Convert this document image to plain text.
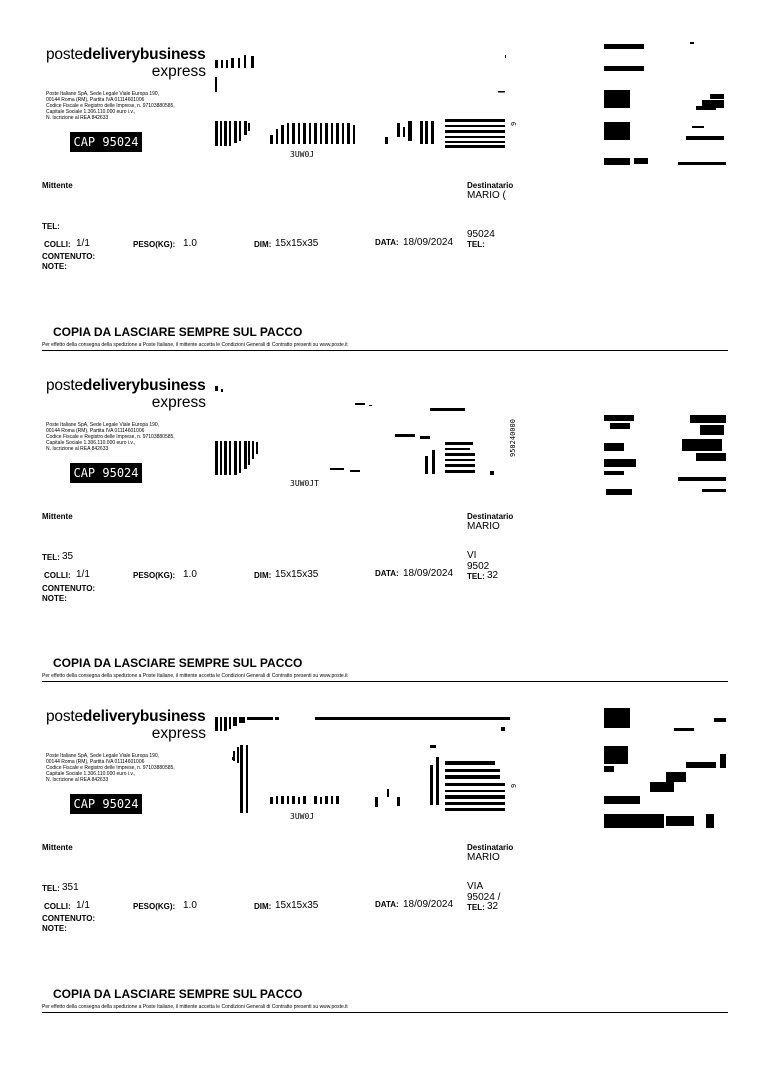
postedeliverybusiness
express
Poste Italiane SpA, Sede Legale Viale Europa 190,
00144 Roma (RM), Partita IVA 01114601006
Codice Fiscale e Registro delle Imprese, n. 97103880585,
Capitale Sociale 1.306.110.000 euro i.v.,
N. Iscrizione al REA 842633
CAP 95024
3UW0J
9
Mittente	Destinatario
MARIO (
TEL:
COLLI: 1/1	PESO(KG): 1.0	DIM: 15x15x35	DATA: 18/09/2024
95024
TEL:
CONTENUTO:
NOTE:
COPIA DA LASCIARE SEMPRE SUL PACCO
Per effetto della consegna della spedizione a Poste Italiane, il mittente accetta le Condizioni Generali di Contratto presenti su www.poste.it
postedeliverybusiness
express
Poste Italiane SpA, Sede Legale Viale Europa 190,
00144 Roma (RM), Partita IVA 01114601006
Codice Fiscale e Registro delle Imprese, n. 97103880585,
Capitale Sociale 1.306.110.000 euro i.v.,
N. Iscrizione al REA 842633
CAP 95024
3UW0JT
950240000
Mittente	Destinatario
MARIO
TEL: 35	VI
9502
COLLI: 1/1	PESO(KG): 1.0	DIM: 15x15x35	DATA: 18/09/2024 TEL: 32
CONTENUTO:
NOTE:
COPIA DA LASCIARE SEMPRE SUL PACCO
Per effetto della consegna della spedizione a Poste Italiane, il mittente accetta le Condizioni Generali di Contratto presenti su www.poste.it
postedeliverybusiness
express
Poste Italiane SpA, Sede Legale Viale Europa 190,
00144 Roma (RM), Partita IVA 01114601006
Codice Fiscale e Registro delle Imprese, n. 97103880585,
Capitale Sociale 1.306.110.000 euro i.v.,
N. Iscrizione al REA 842633
CAP 95024
3UW0J
9
Mittente	Destinatario
MARIO
TEL: 351	VIA
95024 /
COLLI: 1/1	PESO(KG): 1.0	DIM: 15x15x35	DATA: 18/09/2024 TEL: 32
CONTENUTO:
NOTE:
COPIA DA LASCIARE SEMPRE SUL PACCO
Per effetto della consegna della spedizione a Poste Italiane, il mittente accetta le Condizioni Generali di Contratto presenti su www.poste.it
